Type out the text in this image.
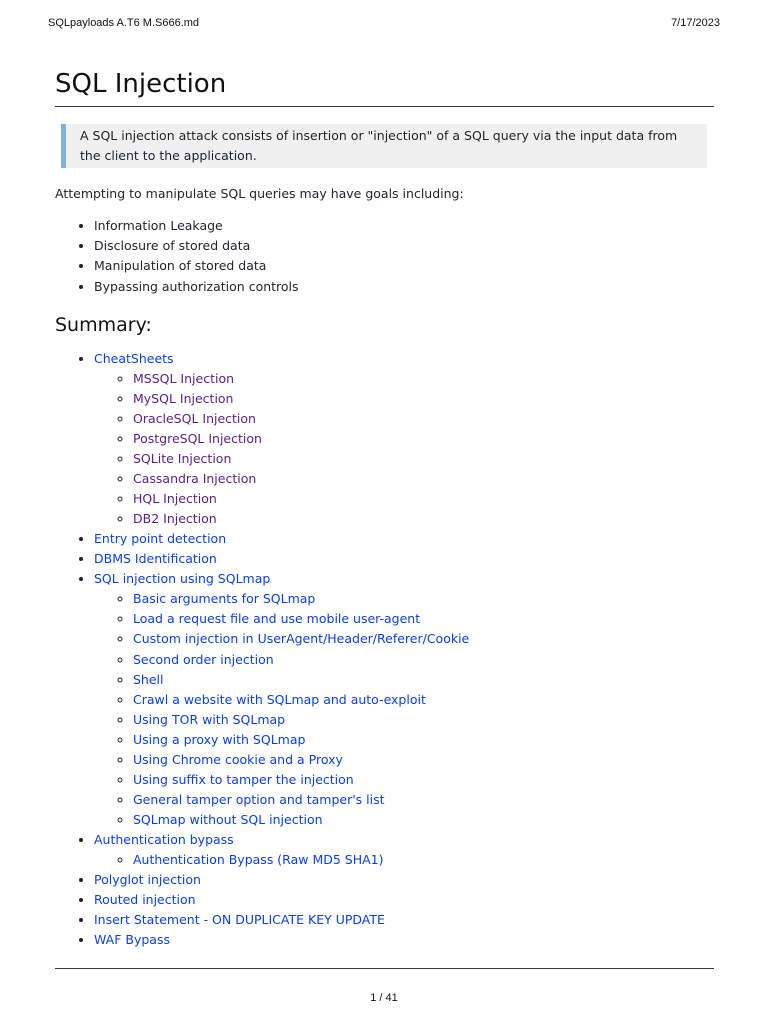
SQLpayloads A.T6 M.S666.md	7/17/2023
SQL Injection
A SQL injection attack consists of insertion or "injection" of a SQL query via the input data from the client to the application.
Attempting to manipulate SQL queries may have goals including:
• Information Leakage
• Disclosure of stored data
• Manipulation of stored data
• Bypassing authorization controls
Summary:
• CheatSheets
◦ MSSQL Injection
◦ MySQL Injection
◦ OracleSQL Injection
◦ PostgreSQL Injection
◦ SQLite Injection
◦ Cassandra Injection
◦ HQL Injection
◦ DB2 Injection
• Entry point detection
• DBMS Identification
• SQL injection using SQLmap
◦ Basic arguments for SQLmap
◦ Load a request file and use mobile user-agent
◦ Custom injection in UserAgent/Header/Referer/Cookie
◦ Second order injection
◦ Shell
◦ Crawl a website with SQLmap and auto-exploit
◦ Using TOR with SQLmap
◦ Using a proxy with SQLmap
◦ Using Chrome cookie and a Proxy
◦ Using suffix to tamper the injection
◦ General tamper option and tamper's list
◦ SQLmap without SQL injection
• Authentication bypass
◦ Authentication Bypass (Raw MD5 SHA1)
• Polyglot injection
• Routed injection
• Insert Statement - ON DUPLICATE KEY UPDATE
• WAF Bypass
1 / 41
